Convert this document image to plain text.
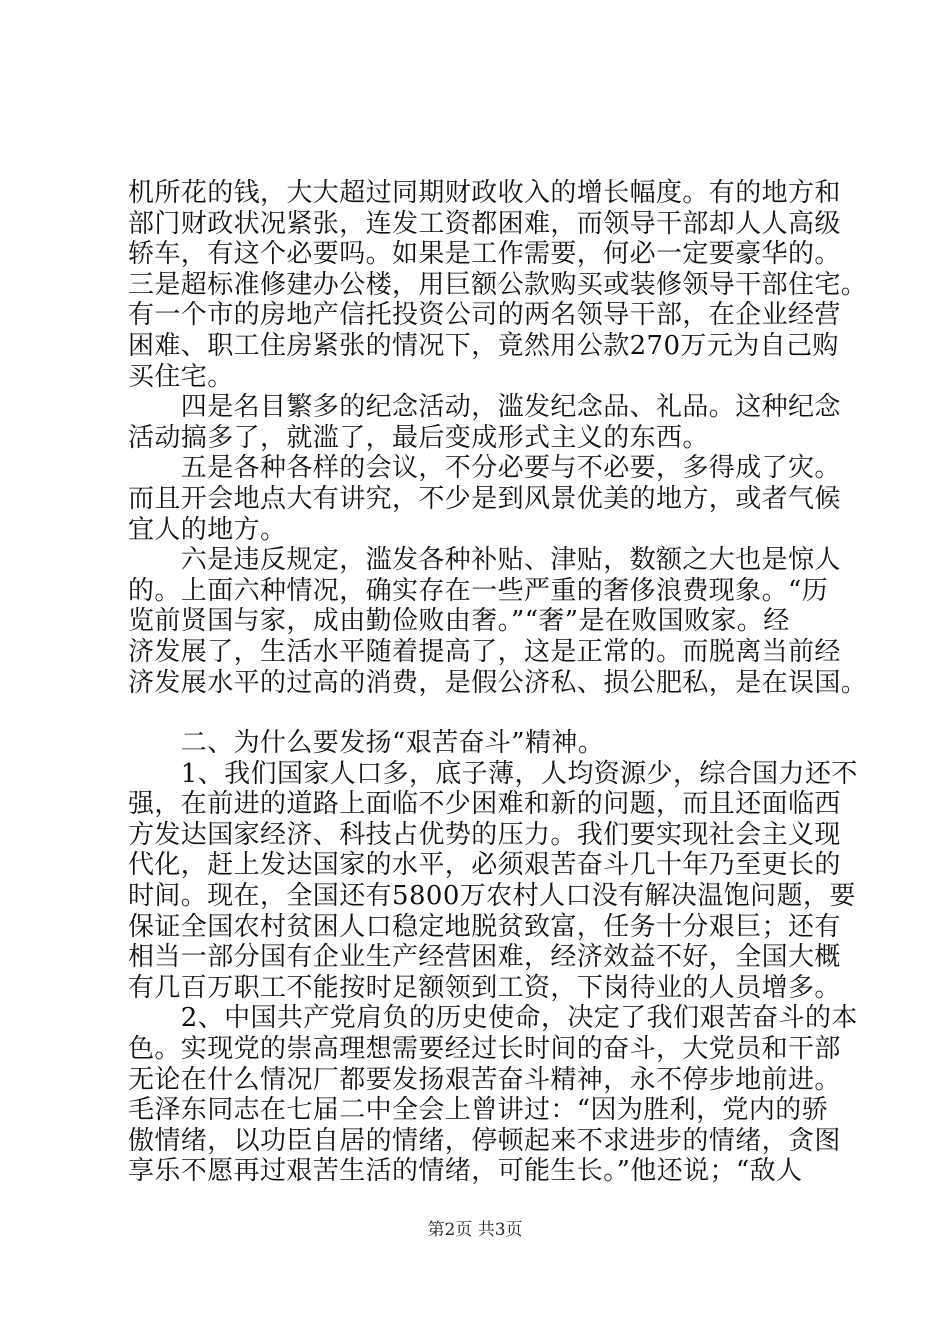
机所花的钱，大大超过同期财政收入的增长幅度。有的地方和
部门财政状况紧张，连发工资都困难，而领导干部却人人高级
轿车，有这个必要吗。如果是工作需要，何必一定要豪华的。
三是超标准修建办公楼，用巨额公款购买或装修领导干部住宅。
有一个市的房地产信托投资公司的两名领导干部，在企业经营
困难、职工住房紧张的情况下，竟然用公款270万元为自己购
买住宅。
　　四是名目繁多的纪念活动，滥发纪念品、礼品。这种纪念
活动搞多了，就滥了，最后变成形式主义的东西。
　　五是各种各样的会议，不分必要与不必要，多得成了灾。
而且开会地点大有讲究，不少是到风景优美的地方，或者气候
宜人的地方。
　　六是违反规定，滥发各种补贴、津贴，数额之大也是惊人
的。上面六种情况，确实存在一些严重的奢侈浪费现象。“历
览前贤国与家，成由勤俭败由奢。”“奢”是在败国败家。经
济发展了，生活水平随着提高了，这是正常的。而脱离当前经
济发展水平的过高的消费，是假公济私、损公肥私，是在误国。
　　二、为什么要发扬“艰苦奋斗”精神。
　　1、我们国家人口多，底子薄，人均资源少，综合国力还不
强，在前进的道路上面临不少困难和新的问题，而且还面临西
方发达国家经济、科技占优势的压力。我们要实现社会主义现
代化，赶上发达国家的水平，必须艰苦奋斗几十年乃至更长的
时间。现在，全国还有5800万农村人口没有解决温饱问题，要
保证全国农村贫困人口稳定地脱贫致富，任务十分艰巨；还有
相当一部分国有企业生产经营困难，经济效益不好，全国大概
有几百万职工不能按时足额领到工资，下岗待业的人员增多。
　　2、中国共产党肩负的历史使命，决定了我们艰苦奋斗的本
色。实现党的崇高理想需要经过长时间的奋斗，大党员和干部
无论在什么情况厂都要发扬艰苦奋斗精神，永不停步地前进。
毛泽东同志在七届二中全会上曾讲过：“因为胜利，党内的骄
傲情绪，以功臣自居的情绪，停顿起来不求进步的情绪，贪图
享乐不愿再过艰苦生活的情绪，可能生长。”他还说；“敌人
第2页 共3页
